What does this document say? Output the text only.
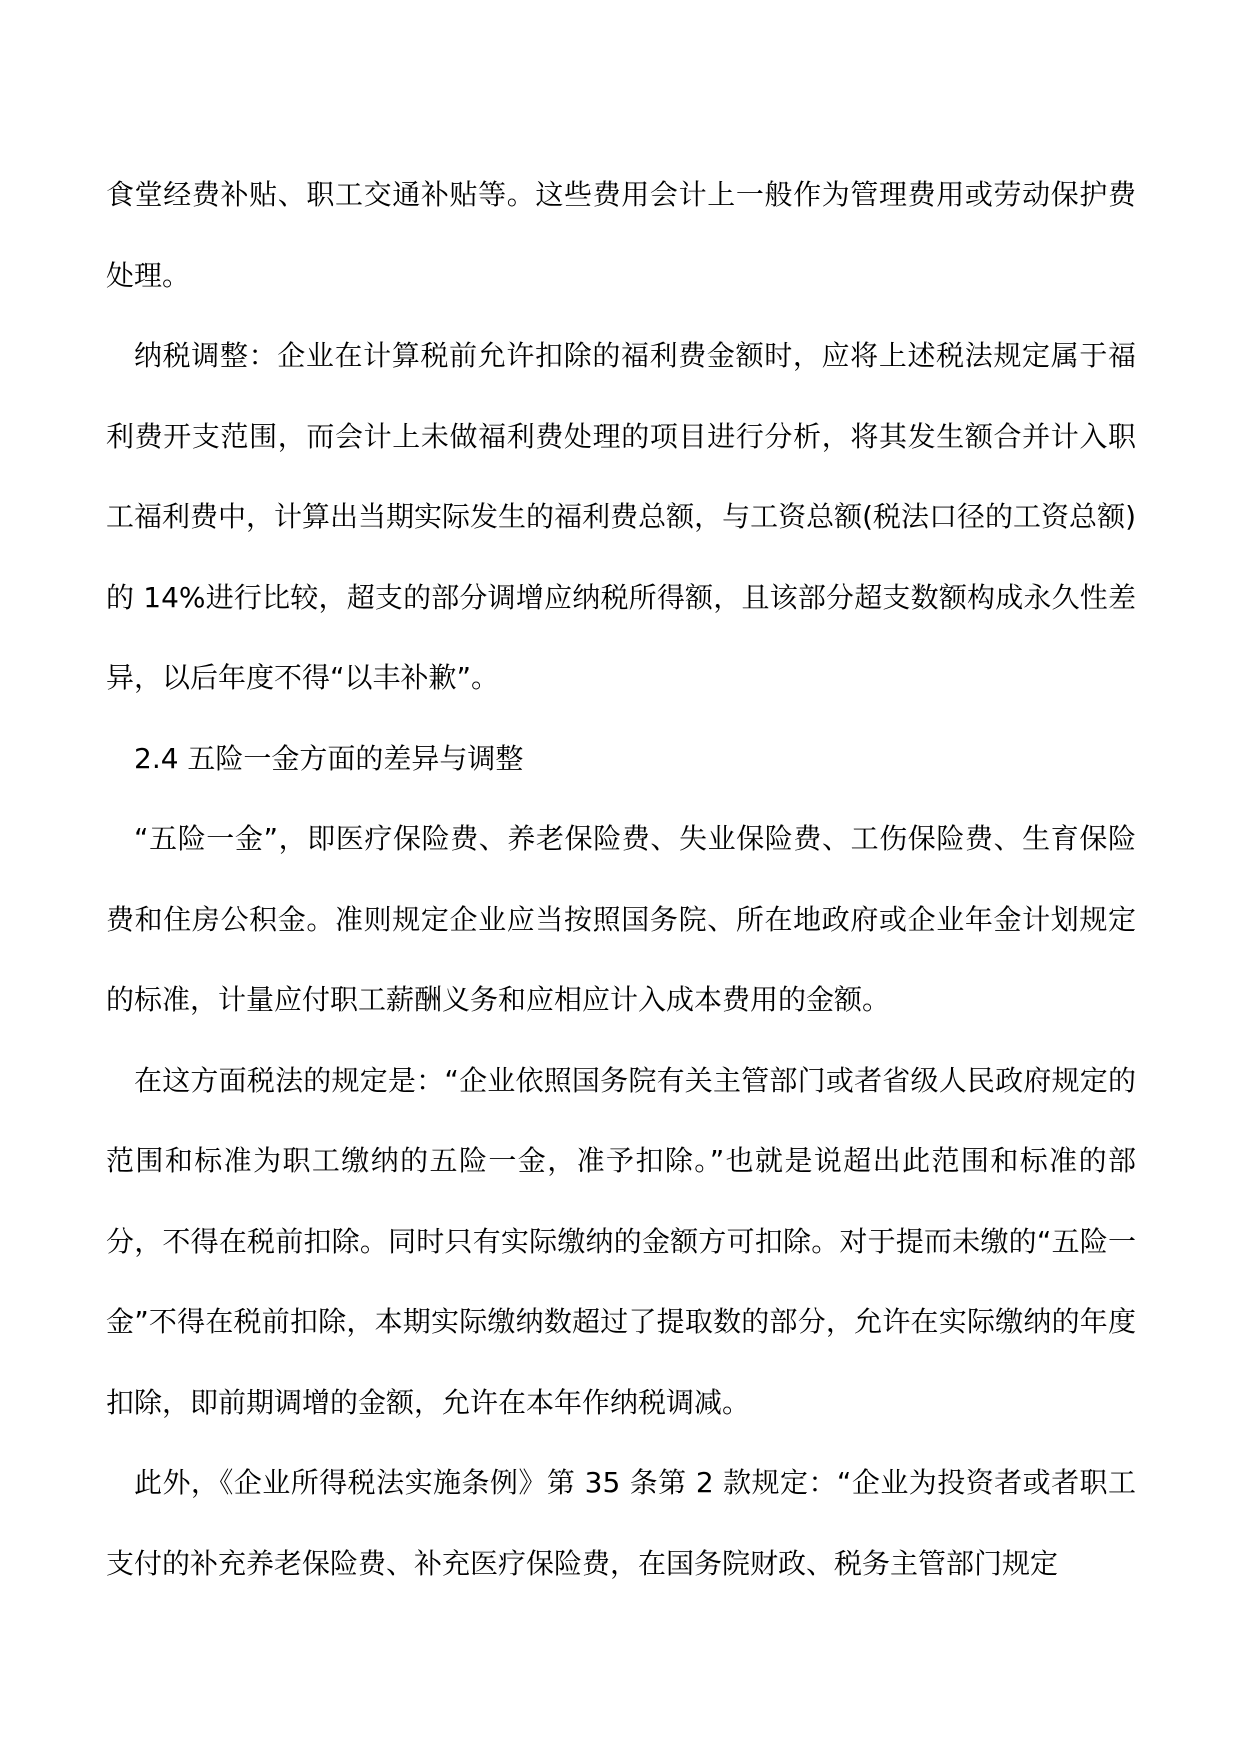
食堂经费补贴、职工交通补贴等。这些费用会计上一般作为管理费用或劳动保护费处理。

纳税调整：企业在计算税前允许扣除的福利费金额时，应将上述税法规定属于福利费开支范围，而会计上未做福利费处理的项目进行分析，将其发生额合并计入职工福利费中，计算出当期实际发生的福利费总额，与工资总额(税法口径的工资总额)的 14%进行比较，超支的部分调增应纳税所得额，且该部分超支数额构成永久性差异，以后年度不得“以丰补歉”。

2.4 五险一金方面的差异与调整

“五险一金”，即医疗保险费、养老保险费、失业保险费、工伤保险费、生育保险费和住房公积金。准则规定企业应当按照国务院、所在地政府或企业年金计划规定的标准，计量应付职工薪酬义务和应相应计入成本费用的金额。

在这方面税法的规定是：“企业依照国务院有关主管部门或者省级人民政府规定的范围和标准为职工缴纳的五险一金，准予扣除。”也就是说超出此范围和标准的部分，不得在税前扣除。同时只有实际缴纳的金额方可扣除。对于提而未缴的“五险一金”不得在税前扣除，本期实际缴纳数超过了提取数的部分，允许在实际缴纳的年度扣除，即前期调增的金额，允许在本年作纳税调减。

此外，《企业所得税法实施条例》第 35 条第 2 款规定：“企业为投资者或者职工支付的补充养老保险费、补充医疗保险费，在国务院财政、税务主管部门规定
